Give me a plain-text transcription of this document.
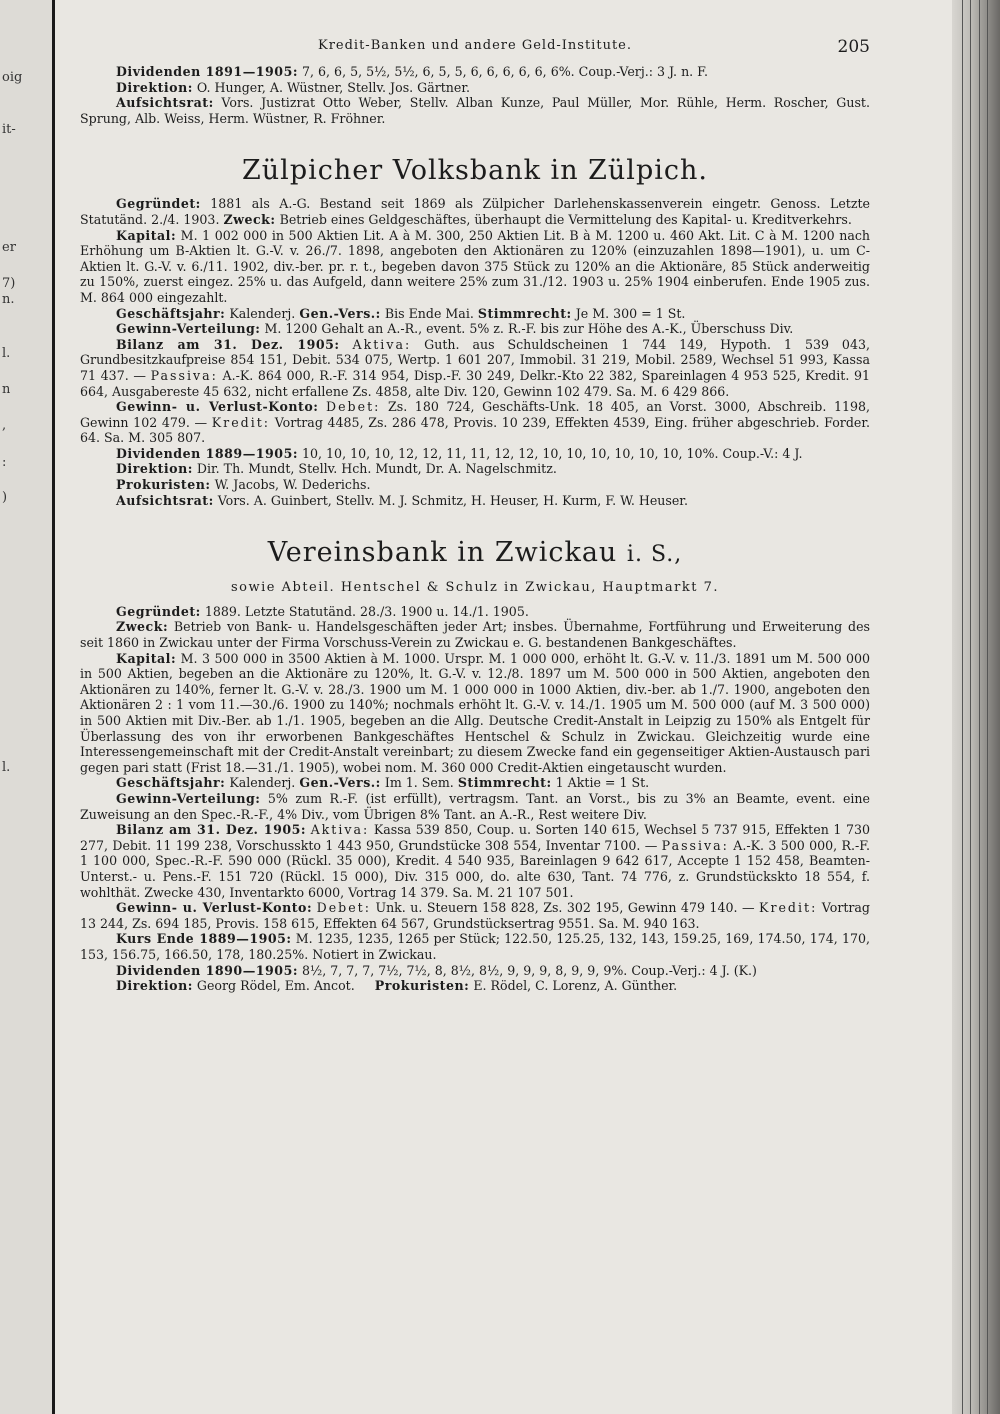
oig
it-
er
7)
n.
l.
n
,
:
)
l.
Kredit-Banken und andere Geld-Institute.	205

Dividenden 1891—1905: 7, 6, 6, 5, 5½, 5½, 6, 5, 5, 6, 6, 6, 6, 6, 6%. Coup.-Verj.: 3 J. n. F.

Direktion: O. Hunger, A. Wüstner, Stellv. Jos. Gärtner.

Aufsichtsrat: Vors. Justizrat Otto Weber, Stellv. Alban Kunze, Paul Müller, Mor. Rühle, Herm. Roscher, Gust. Sprung, Alb. Weiss, Herm. Wüstner, R. Fröhner.

Zülpicher Volksbank in Zülpich.

Gegründet: 1881 als A.-G. Bestand seit 1869 als Zülpicher Darlehenskassenverein eingetr. Genoss. Letzte Statutänd. 2./4. 1903. Zweck: Betrieb eines Geldgeschäftes, überhaupt die Vermittelung des Kapital- u. Kreditverkehrs.

Kapital: M. 1 002 000 in 500 Aktien Lit. A à M. 300, 250 Aktien Lit. B à M. 1200 u. 460 Akt. Lit. C à M. 1200 nach Erhöhung um B-Aktien lt. G.-V. v. 26./7. 1898, angeboten den Aktionären zu 120% (einzuzahlen 1898—1901), u. um C-Aktien lt. G.-V. v. 6./11. 1902, div.-ber. pr. r. t., begeben davon 375 Stück zu 120% an die Aktionäre, 85 Stück anderweitig zu 150%, zuerst eingez. 25% u. das Aufgeld, dann weitere 25% zum 31./12. 1903 u. 25% 1904 einberufen. Ende 1905 zus. M. 864 000 eingezahlt.

Geschäftsjahr: Kalenderj. Gen.-Vers.: Bis Ende Mai. Stimmrecht: Je M. 300 = 1 St.

Gewinn-Verteilung: M. 1200 Gehalt an A.-R., event. 5% z. R.-F. bis zur Höhe des A.-K., Überschuss Div.

Bilanz am 31. Dez. 1905: Aktiva: Guth. aus Schuldscheinen 1 744 149, Hypoth. 1 539 043, Grundbesitzkaufpreise 854 151, Debit. 534 075, Wertp. 1 601 207, Immobil. 31 219, Mobil. 2589, Wechsel 51 993, Kassa 71 437. — Passiva: A.-K. 864 000, R.-F. 314 954, Disp.-F. 30 249, Delkr.-Kto 22 382, Spareinlagen 4 953 525, Kredit. 91 664, Ausgabereste 45 632, nicht erfallene Zs. 4858, alte Div. 120, Gewinn 102 479. Sa. M. 6 429 866.

Gewinn- u. Verlust-Konto: Debet: Zs. 180 724, Geschäfts-Unk. 18 405, an Vorst. 3000, Abschreib. 1198, Gewinn 102 479. — Kredit: Vortrag 4485, Zs. 286 478, Provis. 10 239, Effekten 4539, Eing. früher abgeschrieb. Forder. 64. Sa. M. 305 807.

Dividenden 1889—1905: 10, 10, 10, 10, 12, 12, 11, 11, 12, 12, 10, 10, 10, 10, 10, 10, 10%. Coup.-V.: 4 J.

Direktion: Dir. Th. Mundt, Stellv. Hch. Mundt, Dr. A. Nagelschmitz.

Prokuristen: W. Jacobs, W. Dederichs.

Aufsichtsrat: Vors. A. Guinbert, Stellv. M. J. Schmitz, H. Heuser, H. Kurm, F. W. Heuser.

Vereinsbank in Zwickau i. S.,
sowie Abteil. Hentschel & Schulz in Zwickau, Hauptmarkt 7.

Gegründet: 1889. Letzte Statutänd. 28./3. 1900 u. 14./1. 1905.

Zweck: Betrieb von Bank- u. Handelsgeschäften jeder Art; insbes. Übernahme, Fortführung und Erweiterung des seit 1860 in Zwickau unter der Firma Vorschuss-Verein zu Zwickau e. G. bestandenen Bankgeschäftes.

Kapital: M. 3 500 000 in 3500 Aktien à M. 1000. Urspr. M. 1 000 000, erhöht lt. G.-V. v. 11./3. 1891 um M. 500 000 in 500 Aktien, begeben an die Aktionäre zu 120%, lt. G.-V. v. 12./8. 1897 um M. 500 000 in 500 Aktien, angeboten den Aktionären zu 140%, ferner lt. G.-V. v. 28./3. 1900 um M. 1 000 000 in 1000 Aktien, div.-ber. ab 1./7. 1900, angeboten den Aktionären 2 : 1 vom 11.—30./6. 1900 zu 140%; nochmals erhöht lt. G.-V. v. 14./1. 1905 um M. 500 000 (auf M. 3 500 000) in 500 Aktien mit Div.-Ber. ab 1./1. 1905, begeben an die Allg. Deutsche Credit-Anstalt in Leipzig zu 150% als Entgelt für Überlassung des von ihr erworbenen Bankgeschäftes Hentschel & Schulz in Zwickau. Gleichzeitig wurde eine Interessengemeinschaft mit der Credit-Anstalt vereinbart; zu diesem Zwecke fand ein gegenseitiger Aktien-Austausch pari gegen pari statt (Frist 18.—31./1. 1905), wobei nom. M. 360 000 Credit-Aktien eingetauscht wurden.

Geschäftsjahr: Kalenderj. Gen.-Vers.: Im 1. Sem. Stimmrecht: 1 Aktie = 1 St.

Gewinn-Verteilung: 5% zum R.-F. (ist erfüllt), vertragsm. Tant. an Vorst., bis zu 3% an Beamte, event. eine Zuweisung an den Spec.-R.-F., 4% Div., vom Übrigen 8% Tant. an A.-R., Rest weitere Div.

Bilanz am 31. Dez. 1905: Aktiva: Kassa 539 850, Coup. u. Sorten 140 615, Wechsel 5 737 915, Effekten 1 730 277, Debit. 11 199 238, Vorschusskto 1 443 950, Grundstücke 308 554, Inventar 7100. — Passiva: A.-K. 3 500 000, R.-F. 1 100 000, Spec.-R.-F. 590 000 (Rückl. 35 000), Kredit. 4 540 935, Bareinlagen 9 642 617, Accepte 1 152 458, Beamten-Unterst.- u. Pens.-F. 151 720 (Rückl. 15 000), Div. 315 000, do. alte 630, Tant. 74 776, z. Grundstückskto 18 554, f. wohlthät. Zwecke 430, Inventarkto 6000, Vortrag 14 379. Sa. M. 21 107 501.

Gewinn- u. Verlust-Konto: Debet: Unk. u. Steuern 158 828, Zs. 302 195, Gewinn 479 140. — Kredit: Vortrag 13 244, Zs. 694 185, Provis. 158 615, Effekten 64 567, Grundstücksertrag 9551. Sa. M. 940 163.

Kurs Ende 1889—1905: M. 1235, 1235, 1265 per Stück; 122.50, 125.25, 132, 143, 159.25, 169, 174.50, 174, 170, 153, 156.75, 166.50, 178, 180.25%. Notiert in Zwickau.

Dividenden 1890—1905: 8½, 7, 7, 7, 7½, 7½, 8, 8½, 8½, 9, 9, 9, 8, 9, 9, 9%. Coup.-Verj.: 4 J. (K.)

Direktion: Georg Rödel, Em. Ancot. Prokuristen: E. Rödel, C. Lorenz, A. Günther.
